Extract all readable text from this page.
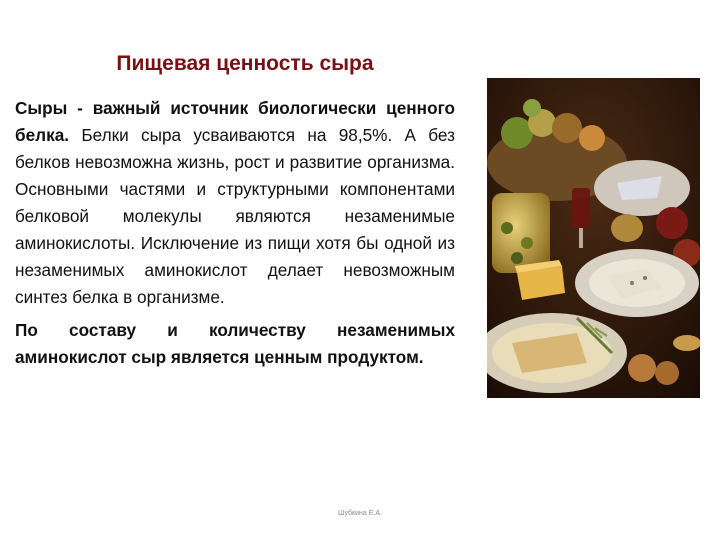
Пищевая ценность сыра

Сыры - важный источник биологически ценного белка. Белки сыра усваиваются на 98,5%. А без белков невозможна жизнь, рост и развитие организма. Основными частями и структурными компонентами белковой молекулы являются незаменимые аминокислоты. Исключение из пищи хотя бы одной из незаменимых аминокислот делает невозможным синтез белка в организме.

По составу и количеству незаменимых аминокислот сыр является ценным продуктом.

Шубкина Е.А.
